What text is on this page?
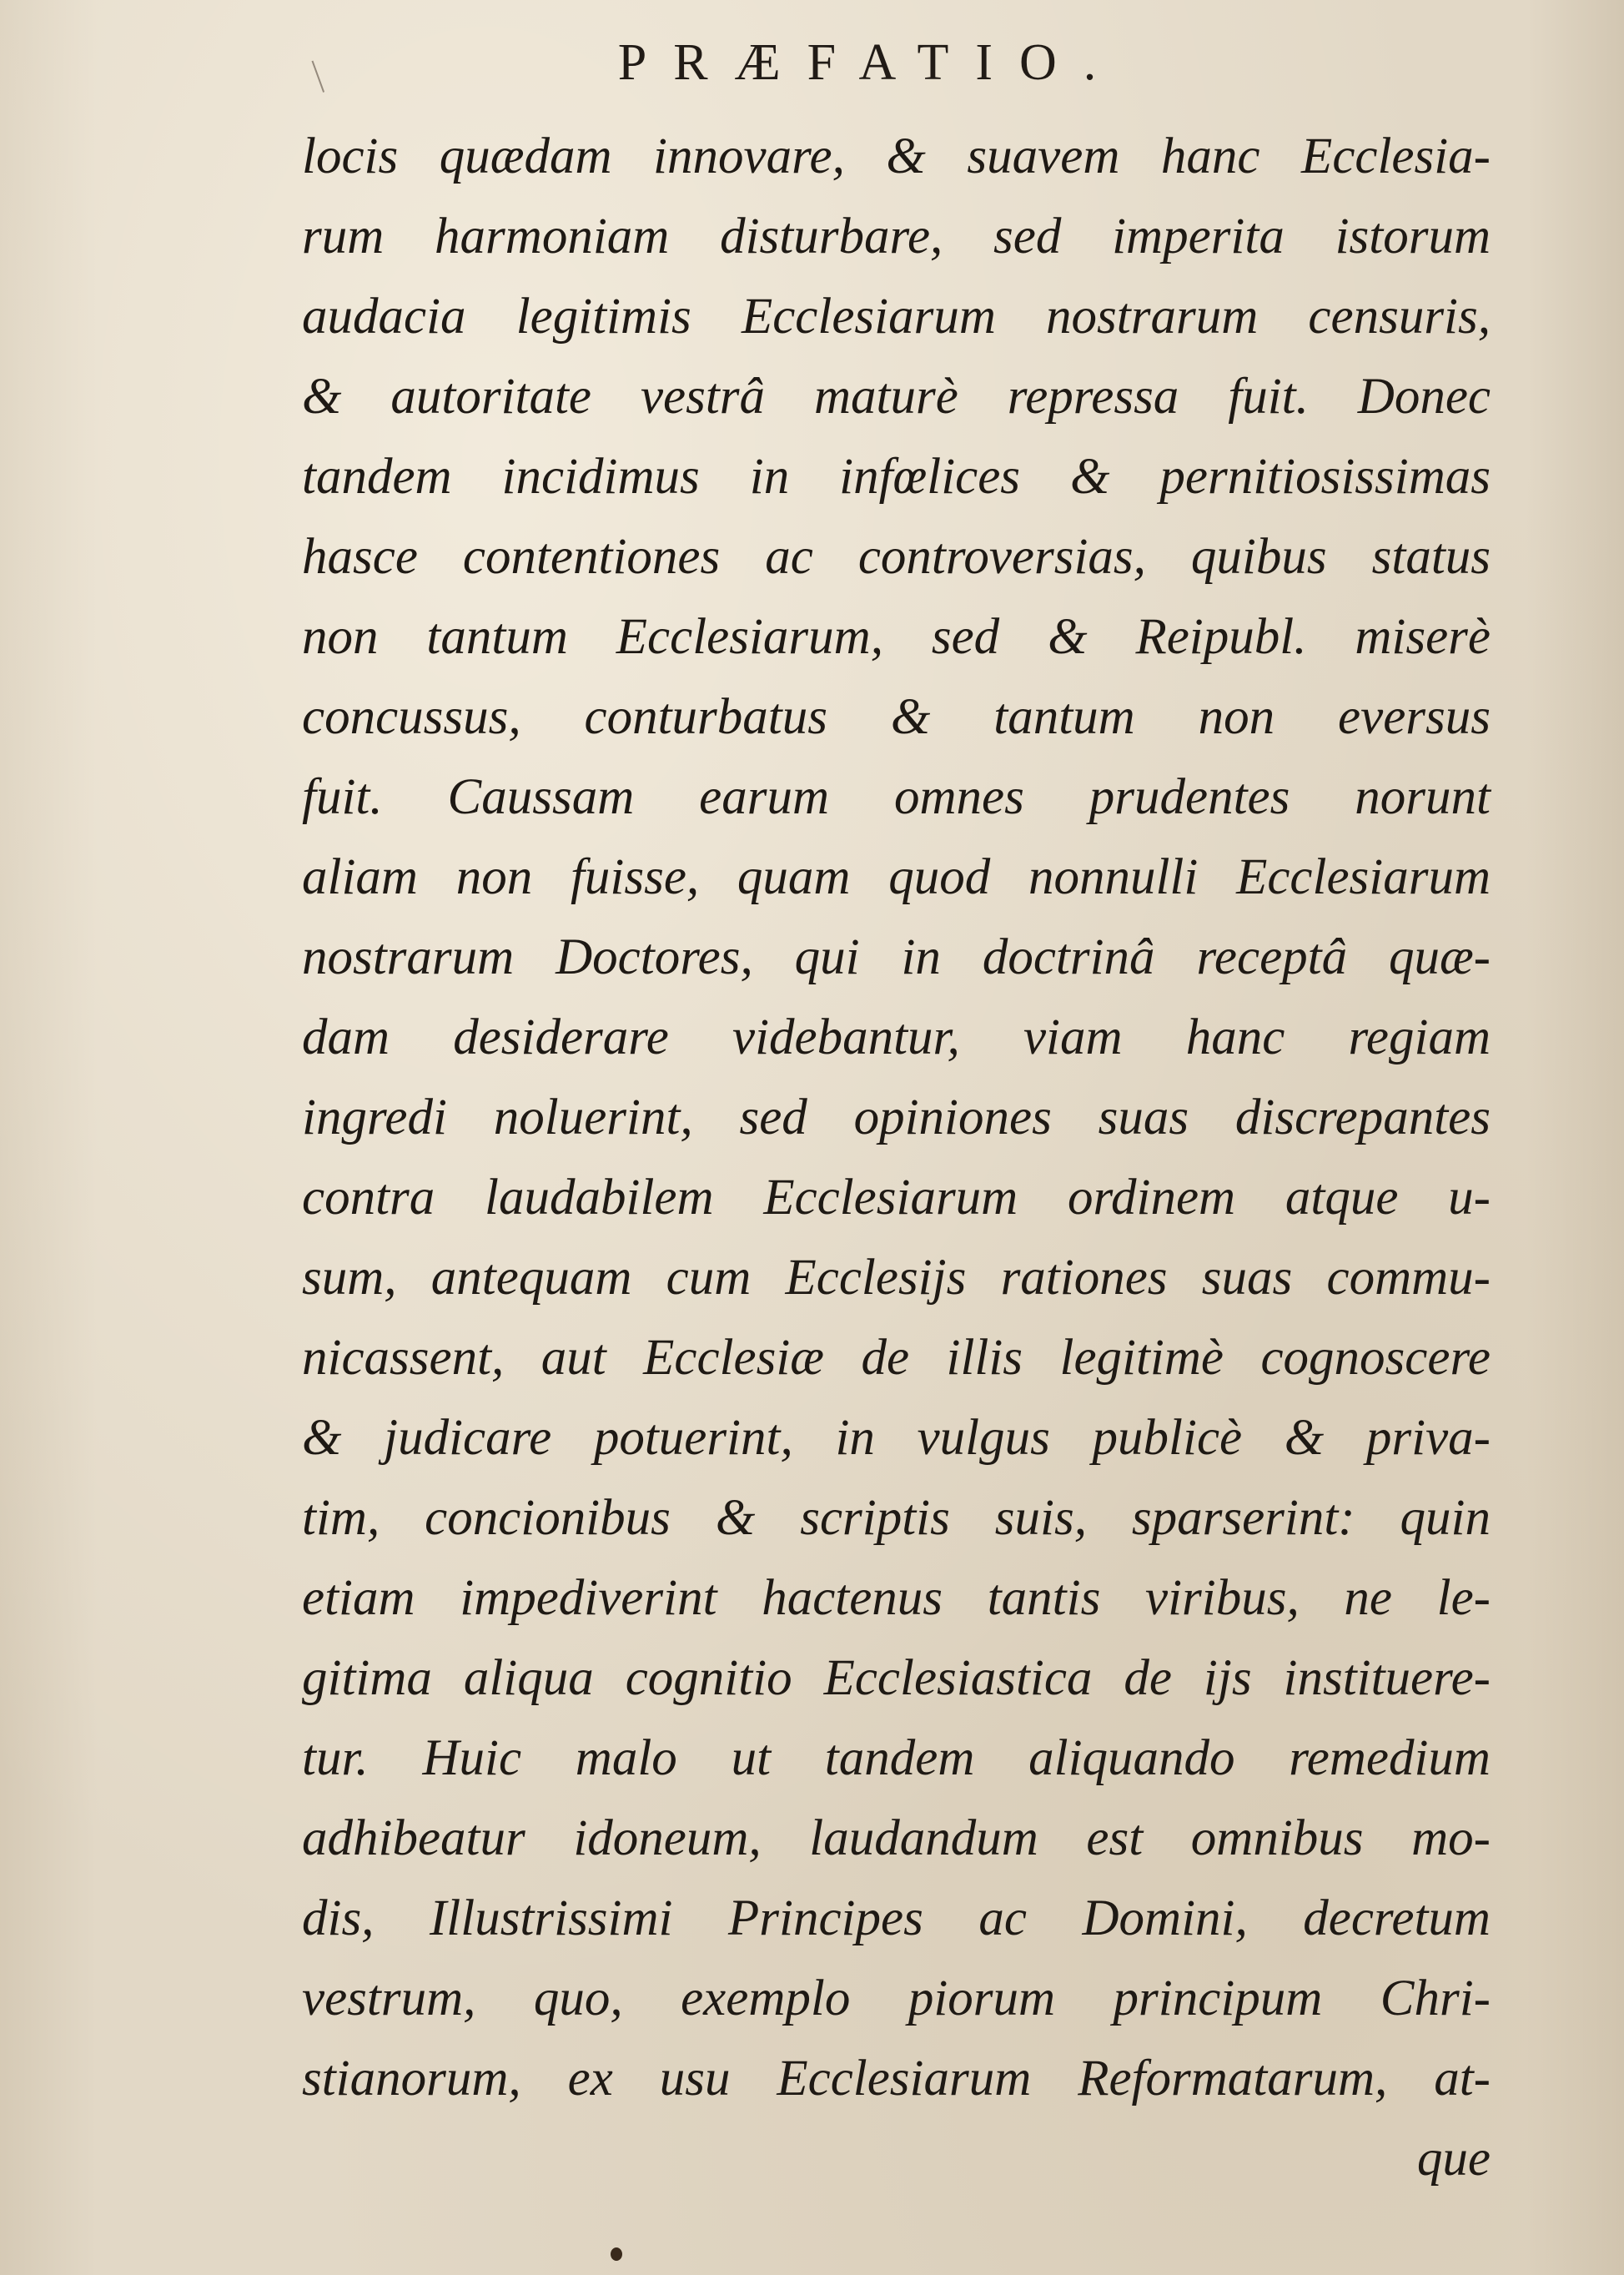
PRÆFATIO.
locis quædam innovare, & suavem hanc Ecclesia-
rum harmoniam disturbare, sed imperita istorum
audacia legitimis Ecclesiarum nostrarum censuris,
& autoritate vestrâ maturè repressa fuit. Donec
tandem incidimus in infœlices & pernitiosissimas
hasce contentiones ac controversias, quibus status
non tantum Ecclesiarum, sed & Reipubl. miserè
concussus, conturbatus & tantum non eversus
fuit. Caussam earum omnes prudentes norunt
aliam non fuisse, quam quod nonnulli Ecclesiarum
nostrarum Doctores, qui in doctrinâ receptâ quæ-
dam desiderare videbantur, viam hanc regiam
ingredi noluerint, sed opiniones suas discrepantes
contra laudabilem Ecclesiarum ordinem atque u-
sum, antequam cum Ecclesijs rationes suas commu-
nicassent, aut Ecclesiæ de illis legitimè cognoscere
& judicare potuerint, in vulgus publicè & priva-
tim, concionibus & scriptis suis, sparserint: quin
etiam impediverint hactenus tantis viribus, ne le-
gitima aliqua cognitio Ecclesiastica de ijs instituere-
tur. Huic malo ut tandem aliquando remedium
adhibeatur idoneum, laudandum est omnibus mo-
dis, Illustrissimi Principes ac Domini, decretum
vestrum, quo, exemplo piorum principum Chri-
stianorum, ex usu Ecclesiarum Reformatarum, at-
que
